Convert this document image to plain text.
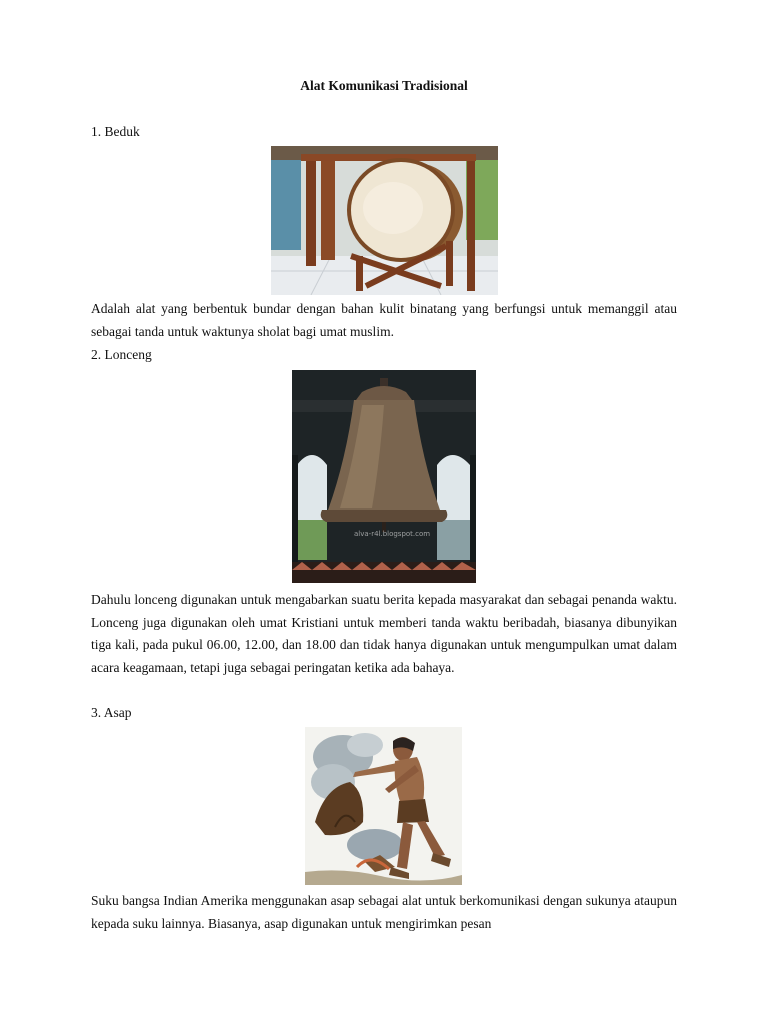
Alat Komunikasi Tradisional
1. Beduk

Adalah alat yang berbentuk bundar dengan bahan kulit binatang yang berfungsi untuk memanggil atau sebagai tanda untuk waktunya sholat bagi umat muslim.

2. Lonceng
alva-r4l.blogspot.com

Dahulu lonceng digunakan untuk mengabarkan suatu berita kepada masyarakat dan sebagai penanda waktu. Lonceng juga digunakan oleh umat Kristiani untuk memberi tanda waktu beribadah, biasanya dibunyikan tiga kali, pada pukul 06.00, 12.00, dan 18.00 dan tidak hanya digunakan untuk mengumpulkan umat dalam acara keagamaan, tetapi juga sebagai peringatan ketika ada bahaya.

3. Asap

Suku bangsa Indian Amerika menggunakan asap sebagai alat untuk berkomunikasi dengan sukunya ataupun kepada suku lainnya. Biasanya, asap digunakan untuk mengirimkan pesan
